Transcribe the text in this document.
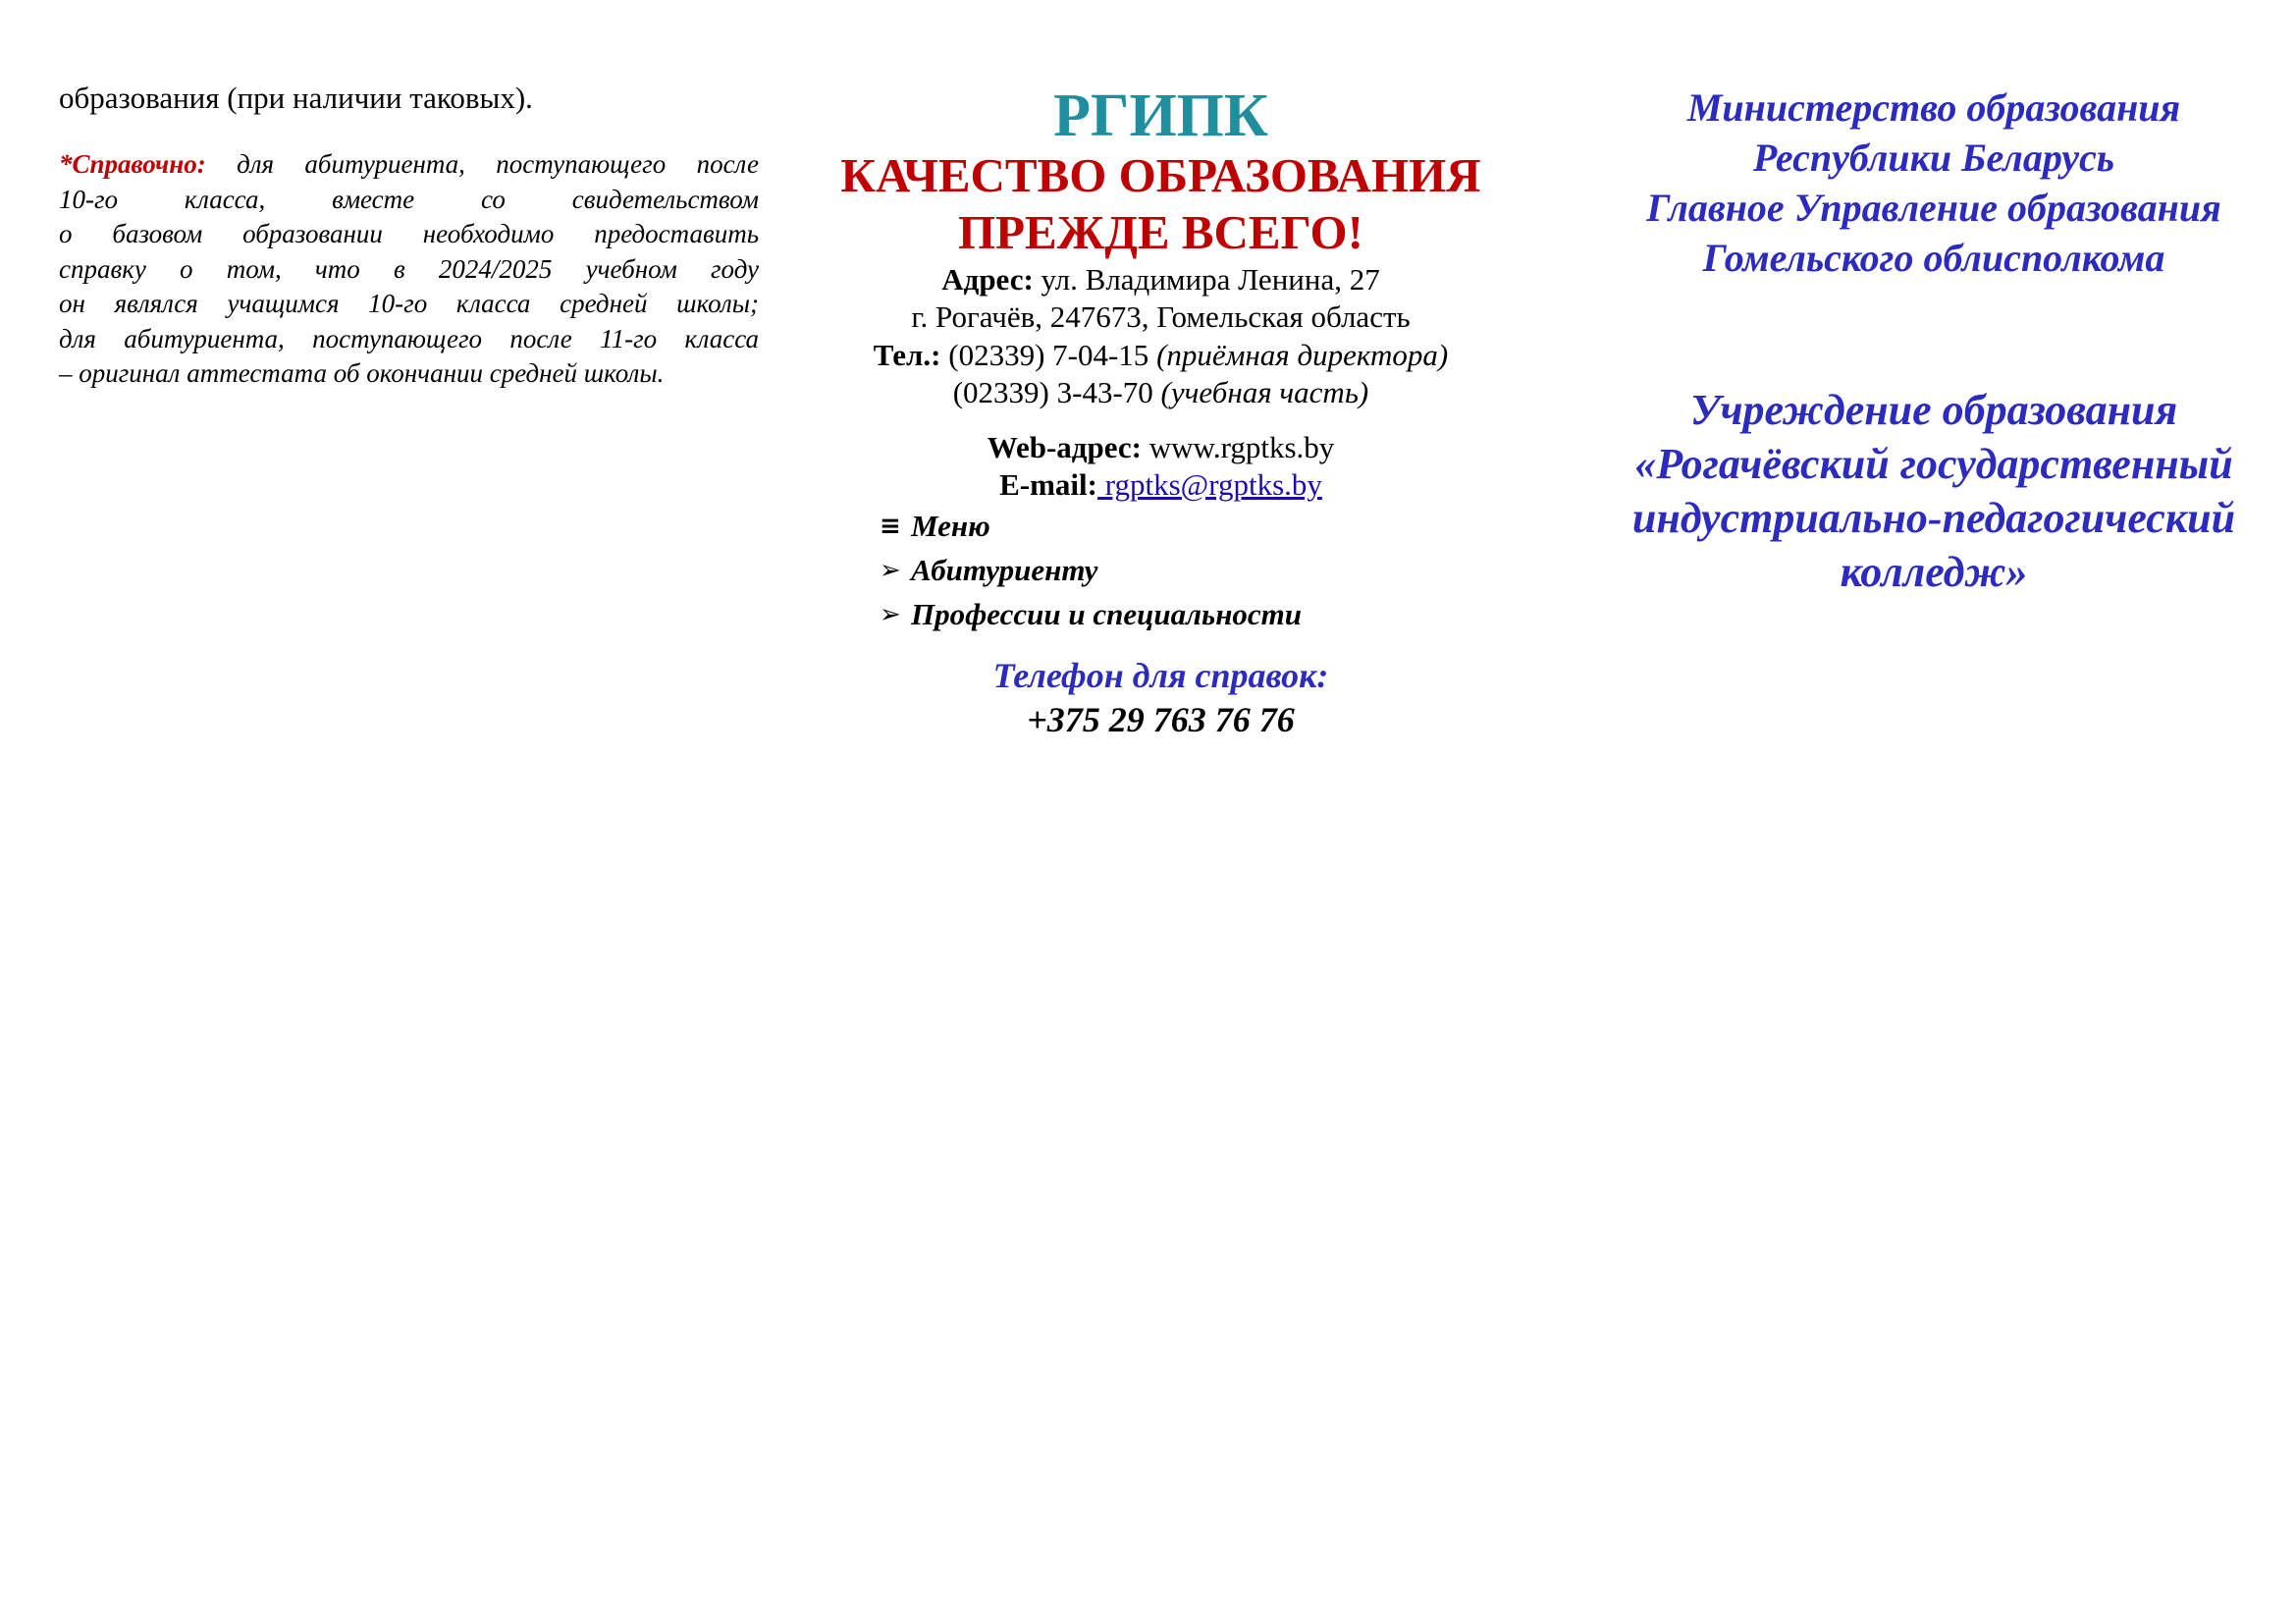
образования (при наличии таковых).
*Справочно: для абитуриента, поступающего после
10-го класса, вместе со свидетельством
о базовом образовании необходимо предоставить
справку о том, что в 2024/2025 учебном году
он являлся учащимся 10-го класса средней школы;
для абитуриента, поступающего после 11-го класса
– оригинал аттестата об окончании средней школы.
РГИПК
КАЧЕСТВО ОБРАЗОВАНИЯ
ПРЕЖДЕ ВСЕГО!
Адрес: ул. Владимира Ленина, 27
г. Рогачёв, 247673, Гомельская область
Тел.: (02339) 7-04-15 (приёмная директора)
(02339) 3-43-70 (учебная часть)
Web-адрес: www.rgptks.by
E-mail: rgptks@rgptks.by
≡ Меню
➢ Абитуриенту
➢ Профессии и специальности
Телефон для справок:
+375 29 763 76 76
Министерство образования
Республики Беларусь
Главное Управление образования
Гомельского облисполкома
Учреждение образования
«Рогачёвский государственный
индустриально-педагогический
колледж»
